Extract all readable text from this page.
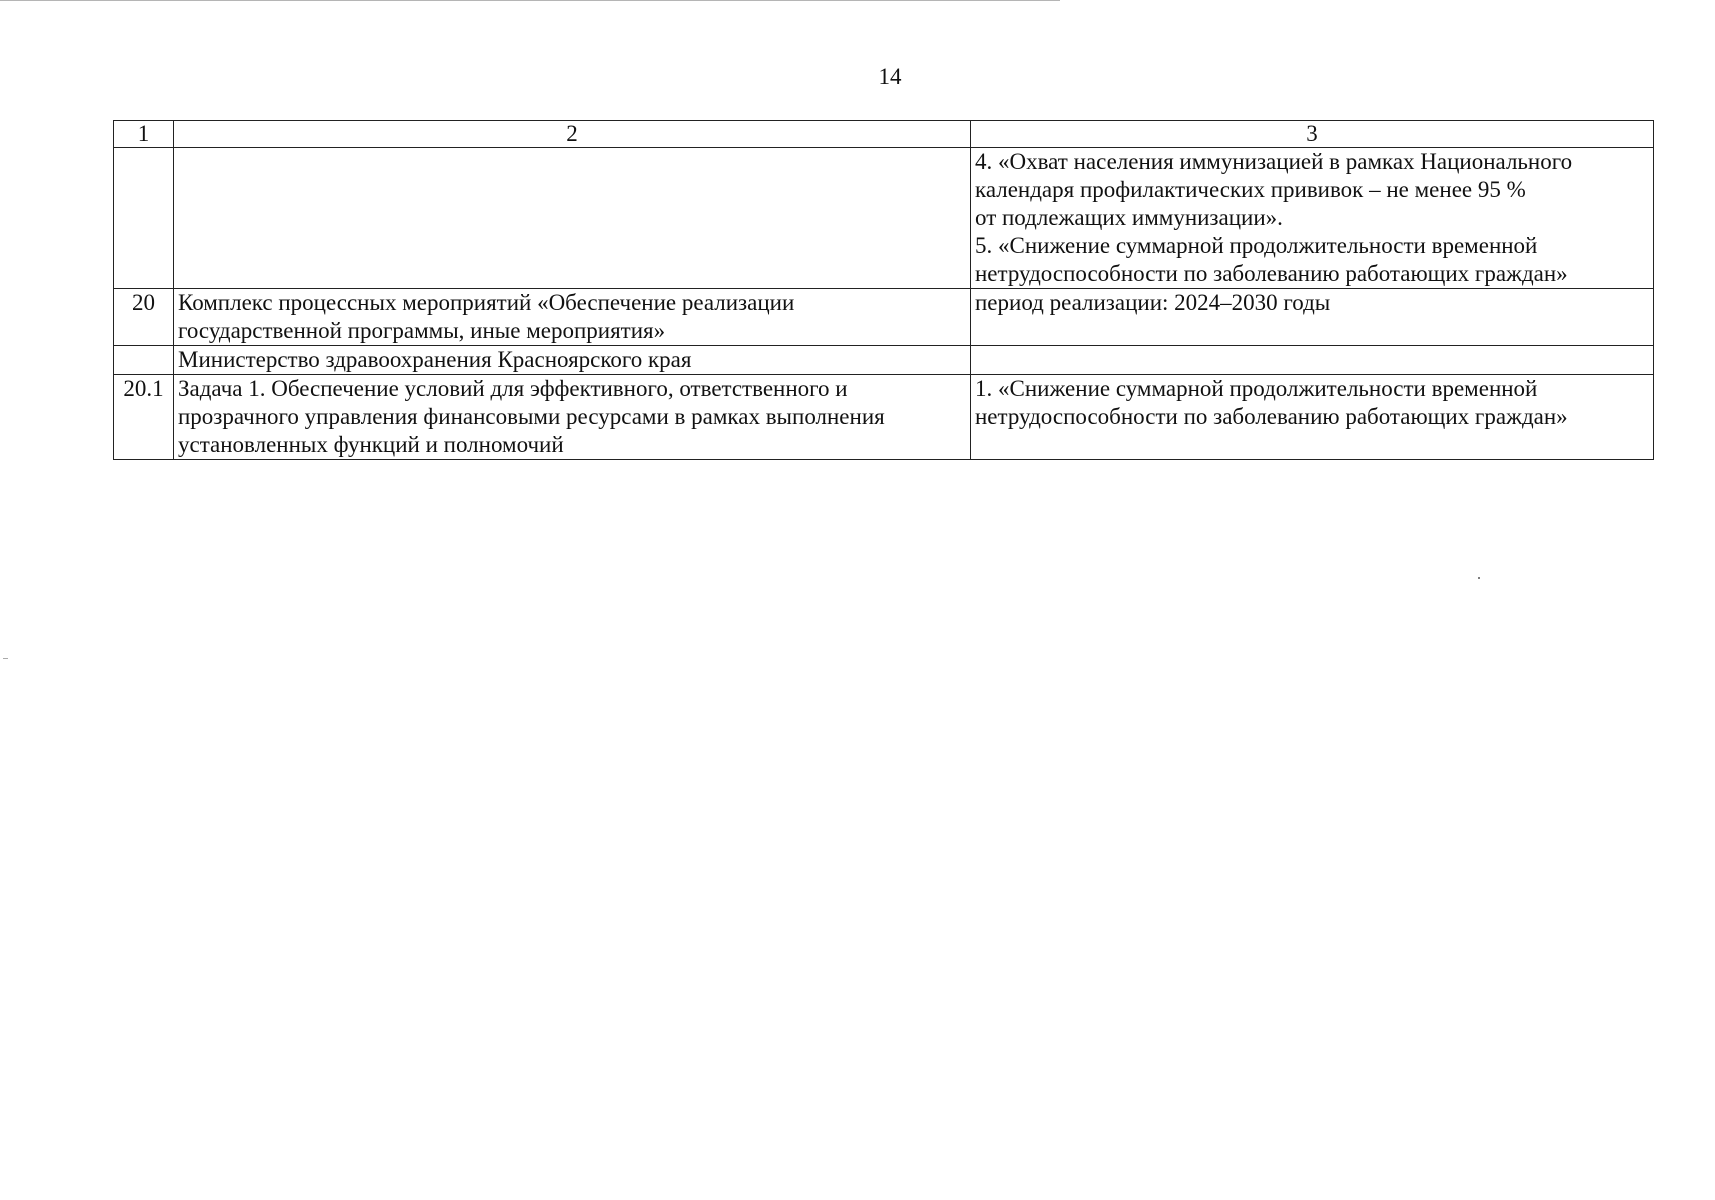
14
1	2	3

		4. «Охват населения иммунизацией в рамках Национального
календаря профилактических прививок – не менее 95 %
от подлежащих иммунизации».
5. «Снижение суммарной продолжительности временной
нетрудоспособности по заболеванию работающих граждан»

20	Комплекс процессных мероприятий «Обеспечение реализации
государственной программы, иные мероприятия»	период реализации: 2024–2030 годы

	Министерство здравоохранения Красноярского края	

20.1	Задача 1. Обеспечение условий для эффективного, ответственного и
прозрачного управления финансовыми ресурсами в рамках выполнения
установленных функций и полномочий	1. «Снижение суммарной продолжительности временной
нетрудоспособности по заболеванию работающих граждан»
